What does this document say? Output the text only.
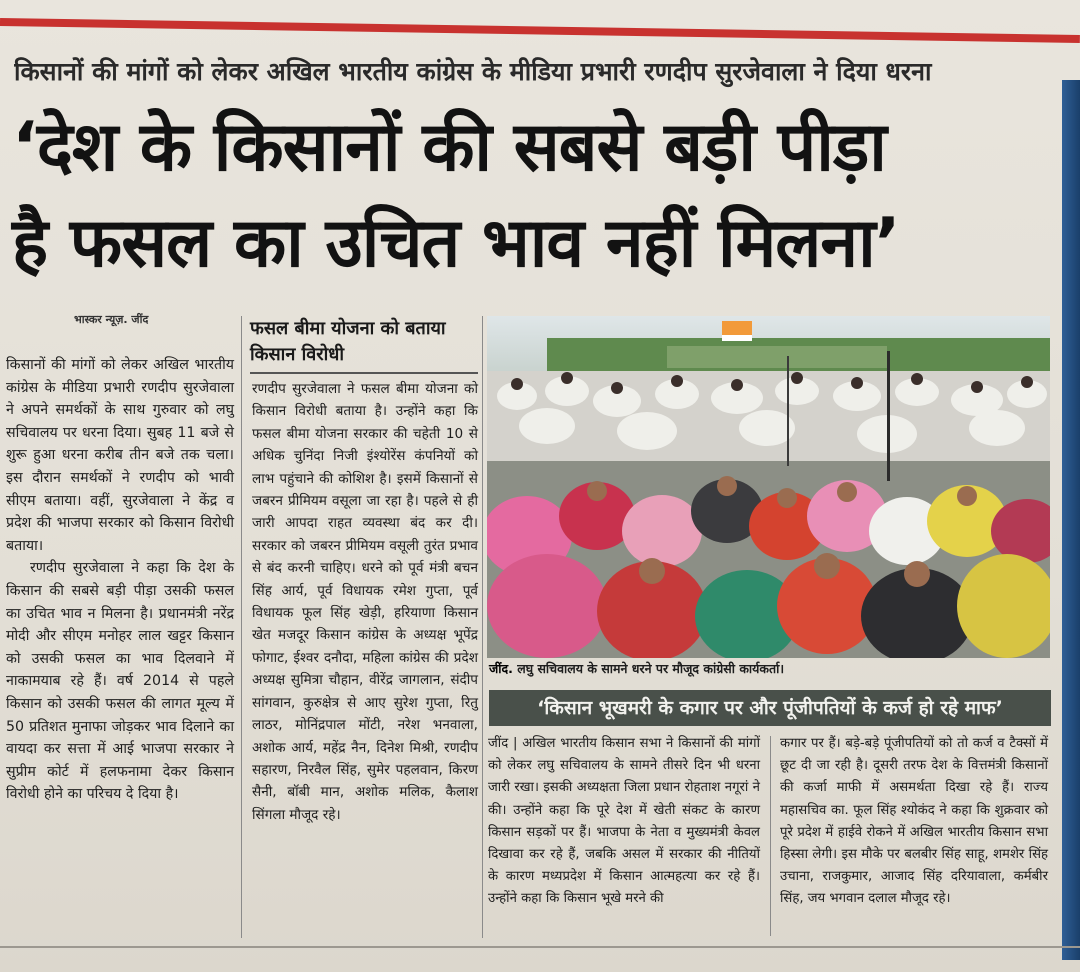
किसानों की मांगों को लेकर अखिल भारतीय कांग्रेस के मीडिया प्रभारी रणदीप सुरजेवाला ने दिया धरना
‘देश के किसानों की सबसे बड़ी पीड़ा
है फसल का उचित भाव नहीं मिलना’
भास्कर न्यूज़. जींद

किसानों की मांगों को लेकर अखिल भारतीय कांग्रेस के मीडिया प्रभारी रणदीप सुरजेवाला ने अपने समर्थकों के साथ गुरुवार को लघु सचिवालय पर धरना दिया। सुबह 11 बजे से शुरू हुआ धरना करीब तीन बजे तक चला। इस दौरान समर्थकों ने रणदीप को भावी सीएम बताया। वहीं, सुरजेवाला ने केंद्र व प्रदेश की भाजपा सरकार को किसान विरोधी बताया।

रणदीप सुरजेवाला ने कहा कि देश के किसान की सबसे बड़ी पीड़ा उसकी फसल का उचित भाव न मिलना है। प्रधानमंत्री नरेंद्र मोदी और सीएम मनोहर लाल खट्टर किसान को उसकी फसल का भाव दिलवाने में नाकामयाब रहे हैं। वर्ष 2014 से पहले किसान को उसकी फसल की लागत मूल्य में 50 प्रतिशत मुनाफा जोड़कर भाव दिलाने का वायदा कर सत्ता में आई भाजपा सरकार ने सुप्रीम कोर्ट में हलफनामा देकर किसान विरोधी होने का परिचय दे दिया है।

फसल बीमा योजना को बताया किसान विरोधी
रणदीप सुरजेवाला ने फसल बीमा योजना को किसान विरोधी बताया है। उन्होंने कहा कि फसल बीमा योजना सरकार की चहेती 10 से अधिक चुनिंदा निजी इंश्योरेंस कंपनियों को लाभ पहुंचाने की कोशिश है। इसमें किसानों से जबरन प्रीमियम वसूला जा रहा है। पहले से ही जारी आपदा राहत व्यवस्था बंद कर दी। सरकार को जबरन प्रीमियम वसूली तुरंत प्रभाव से बंद करनी चाहिए। धरने को पूर्व मंत्री बचन सिंह आर्य, पूर्व विधायक रमेश गुप्ता, पूर्व विधायक फूल सिंह खेड़ी, हरियाणा किसान खेत मजदूर किसान कांग्रेस के अध्यक्ष भूपेंद्र फोगाट, ईश्वर दनौदा, महिला कांग्रेस की प्रदेश अध्यक्ष सुमित्रा चौहान, वीरेंद्र जागलान, संदीप सांगवान, कुरुक्षेत्र से आए सुरेश गुप्ता, रितु लाठर, मोनिंद्रपाल मोंटी, नरेश भनवाला, अशोक आर्य, महेंद्र नैन, दिनेश मिश्री, रणदीप सहारण, निरवैल सिंह, सुमेर पहलवान, किरण सैनी, बॉबी मान, अशोक मलिक, कैलाश सिंगला मौजूद रहे।
जींद. लघु सचिवालय के सामने धरने पर मौजूद कांग्रेसी कार्यकर्ता।
‘किसान भूखमरी के कगार पर और पूंजीपतियों के कर्ज हो रहे माफ’
जींद | अखिल भारतीय किसान सभा ने किसानों की मांगों को लेकर लघु सचिवालय के सामने तीसरे दिन भी धरना जारी रखा। इसकी अध्यक्षता जिला प्रधान रोहताश नगूरां ने की। उन्होंने कहा कि पूरे देश में खेती संकट के कारण किसान सड़कों पर हैं। भाजपा के नेता व मुख्यमंत्री केवल दिखावा कर रहे हैं, जबकि असल में सरकार की नीतियों के कारण मध्यप्रदेश में किसान आत्महत्या कर रहे हैं। उन्होंने कहा कि किसान भूखे मरने की
कगार पर हैं। बड़े-बड़े पूंजीपतियों को तो कर्ज व टैक्सों में छूट दी जा रही है। दूसरी तरफ देश के वित्तमंत्री किसानों की कर्जा माफी में असमर्थता दिखा रहे हैं। राज्य महासचिव का. फूल सिंह श्योकंद ने कहा कि शुक्रवार को पूरे प्रदेश में हाईवे रोकने में अखिल भारतीय किसान सभा हिस्सा लेगी। इस मौके पर बलबीर सिंह साहू, शमशेर सिंह उचाना, राजकुमार, आजाद सिंह दरियावाला, कर्मबीर सिंह, जय भगवान दलाल मौजूद रहे।
